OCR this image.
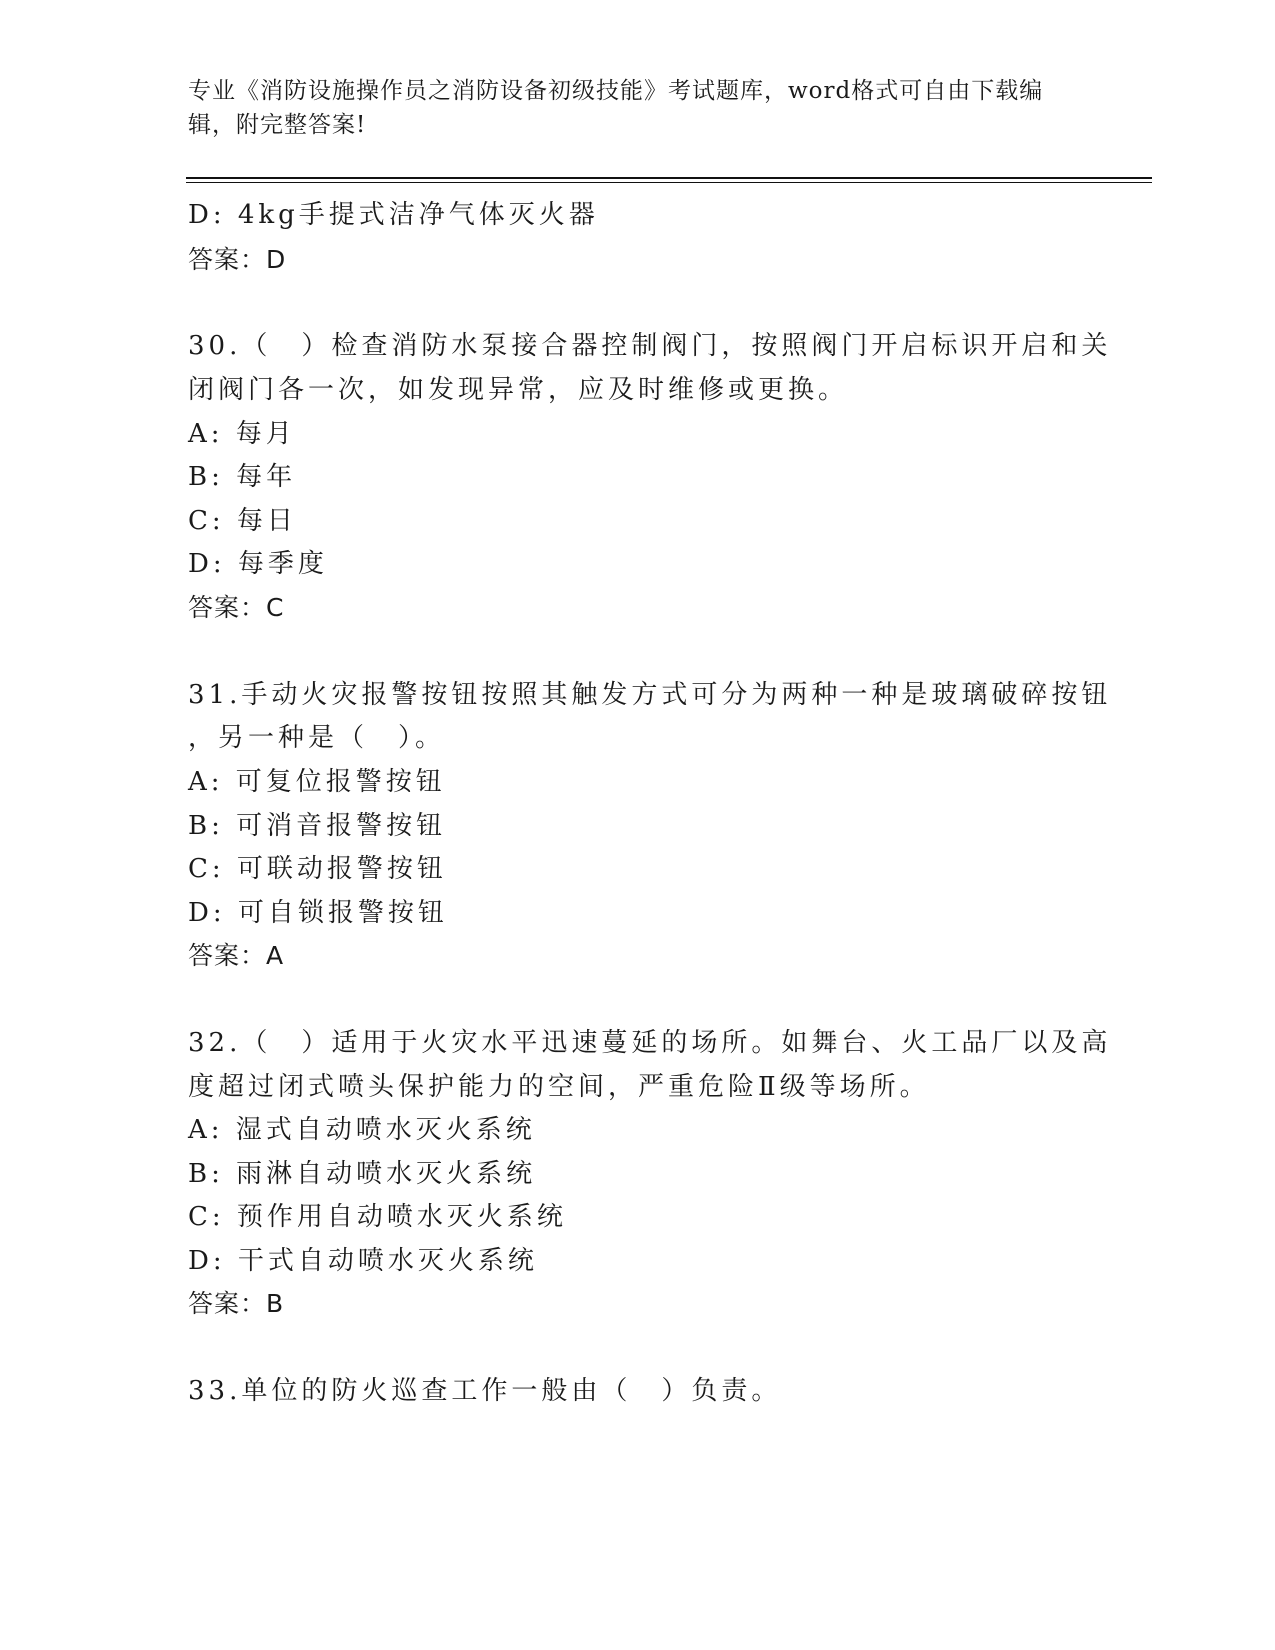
专业《消防设施操作员之消防设备初级技能》考试题库，word格式可自由下载编
辑，附完整答案!
D: 4kg手提式洁净气体灭火器
答案：D
30.（　）检查消防水泵接合器控制阀门，按照阀门开启标识开启和关
闭阀门各一次，如发现异常，应及时维修或更换。
A: 每月
B: 每年
C: 每日
D: 每季度
答案：C
31.手动火灾报警按钮按照其触发方式可分为两种一种是玻璃破碎按钮
，另一种是（　）。
A: 可复位报警按钮
B: 可消音报警按钮
C: 可联动报警按钮
D: 可自锁报警按钮
答案：A
32.（　）适用于火灾水平迅速蔓延的场所。如舞台、火工品厂以及高
度超过闭式喷头保护能力的空间，严重危险Ⅱ级等场所。
A: 湿式自动喷水灭火系统
B: 雨淋自动喷水灭火系统
C: 预作用自动喷水灭火系统
D: 干式自动喷水灭火系统
答案：B
33.单位的防火巡查工作一般由（　）负责。
